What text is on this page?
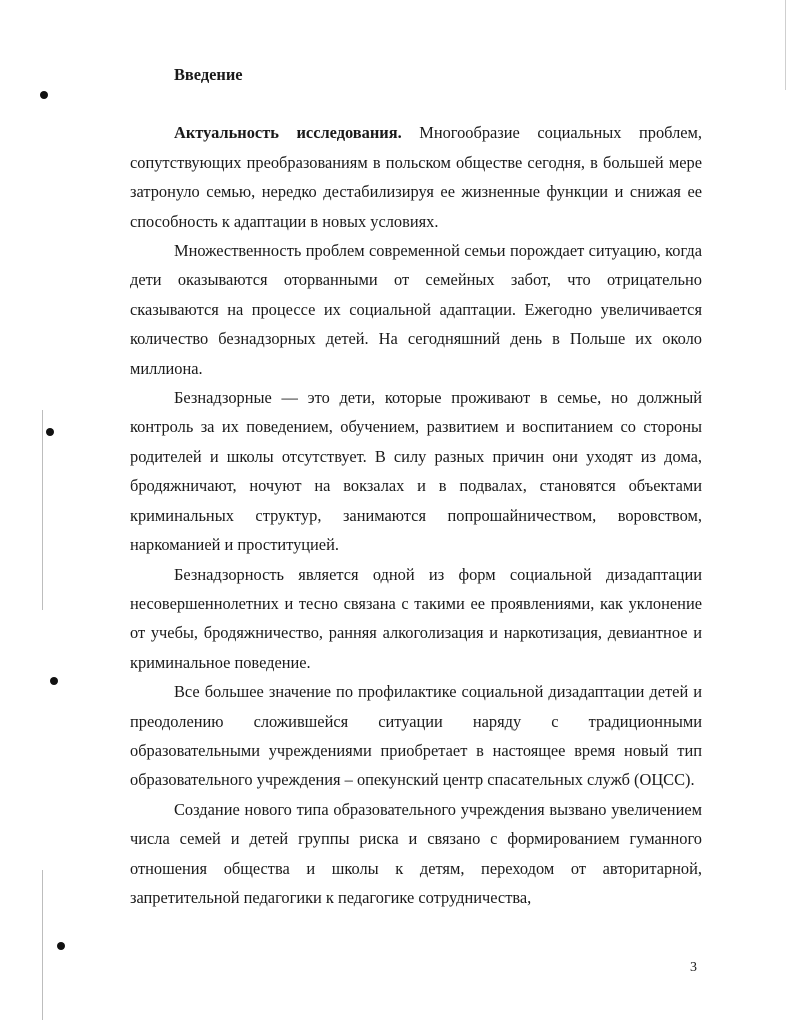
Введение

Актуальность исследования. Многообразие социальных проблем, сопутствующих преобразованиям в польском обществе сегодня, в большей мере затронуло семью, нередко дестабилизируя ее жизненные функции и снижая ее способность к адаптации в новых условиях.

Множественность проблем современной семьи порождает ситуацию, когда дети оказываются оторванными от семейных забот, что отрицательно сказываются на процессе их социальной адаптации. Ежегодно увеличивается количество безнадзорных детей. На сегодняшний день в Польше их около миллиона.

Безнадзорные — это дети, которые проживают в семье, но должный контроль за их поведением, обучением, развитием и воспитанием со стороны родителей и школы отсутствует. В силу разных причин они уходят из дома, бродяжничают, ночуют на вокзалах и в подвалах, становятся объектами криминальных структур, занимаются попрошайничеством, воровством, наркоманией и проституцией.

Безнадзорность является одной из форм социальной дизадаптации несовершеннолетних и тесно связана с такими ее проявлениями, как уклонение от учебы, бродяжничество, ранняя алкоголизация и наркотизация, девиантное и криминальное поведение.

Все большее значение по профилактике социальной дизадаптации детей и преодолению сложившейся ситуации наряду с традиционными образовательными учреждениями приобретает в настоящее время новый тип образовательного учреждения – опекунский центр спасательных служб (ОЦСС).

Создание нового типа образовательного учреждения вызвано увеличением числа семей и детей группы риска и связано с формированием гуманного отношения общества и школы к детям, переходом от авторитарной, запретительной педагогики к педагогике сотрудничества,

3
